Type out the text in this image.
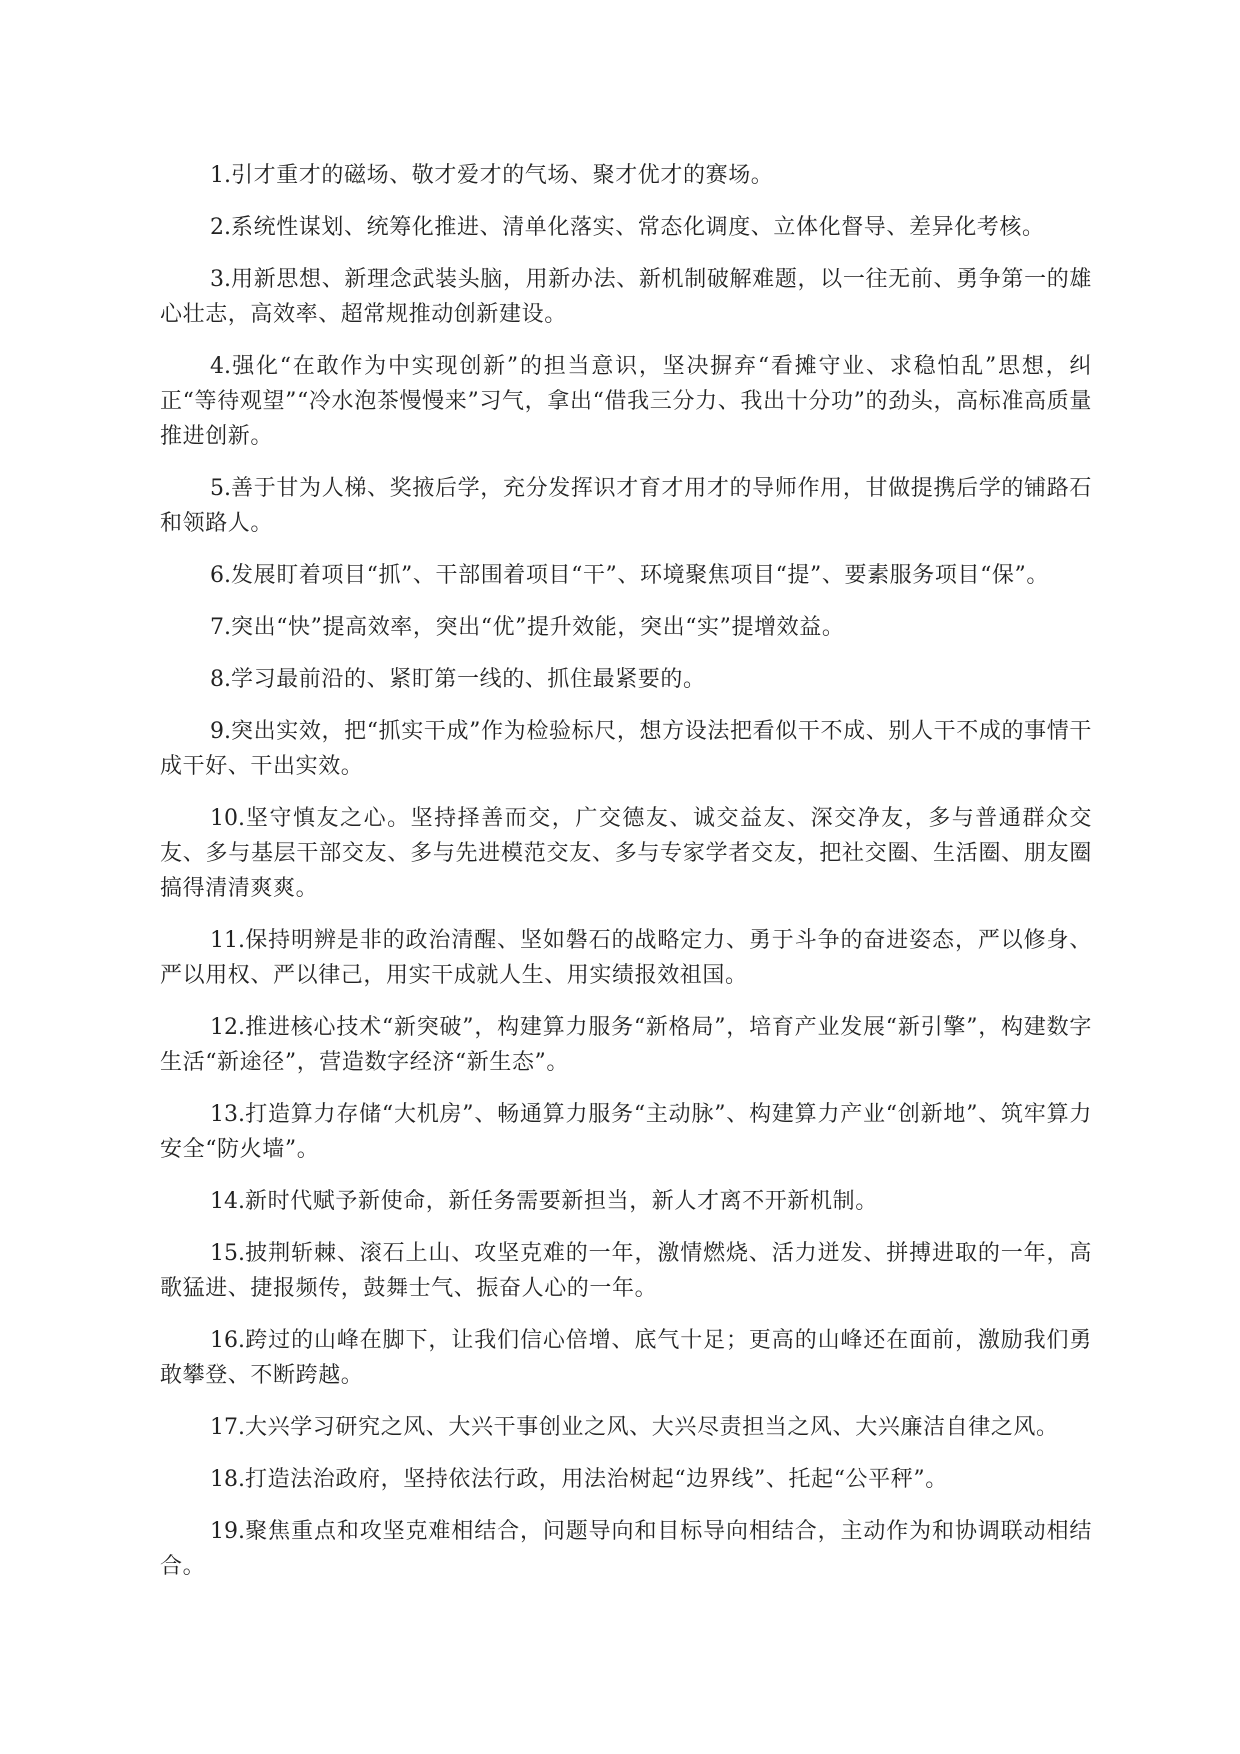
1.引才重才的磁场、敬才爱才的气场、聚才优才的赛场。

2.系统性谋划、统筹化推进、清单化落实、常态化调度、立体化督导、差异化考核。

3.用新思想、新理念武装头脑，用新办法、新机制破解难题，以一往无前、勇争第一的雄心壮志，高效率、超常规推动创新建设。

4.强化“在敢作为中实现创新”的担当意识，坚决摒弃“看摊守业、求稳怕乱”思想，纠正“等待观望”“冷水泡茶慢慢来”习气，拿出“借我三分力、我出十分功”的劲头，高标准高质量推进创新。

5.善于甘为人梯、奖掖后学，充分发挥识才育才用才的导师作用，甘做提携后学的铺路石和领路人。

6.发展盯着项目“抓”、干部围着项目“干”、环境聚焦项目“提”、要素服务项目“保”。

7.突出“快”提高效率，突出“优”提升效能，突出“实”提增效益。

8.学习最前沿的、紧盯第一线的、抓住最紧要的。

9.突出实效，把“抓实干成”作为检验标尺，想方设法把看似干不成、别人干不成的事情干成干好、干出实效。

10.坚守慎友之心。坚持择善而交，广交德友、诚交益友、深交净友，多与普通群众交友、多与基层干部交友、多与先进模范交友、多与专家学者交友，把社交圈、生活圈、朋友圈搞得清清爽爽。

11.保持明辨是非的政治清醒、坚如磐石的战略定力、勇于斗争的奋进姿态，严以修身、严以用权、严以律己，用实干成就人生、用实绩报效祖国。

12.推进核心技术“新突破”，构建算力服务“新格局”，培育产业发展“新引擎”，构建数字生活“新途径”，营造数字经济“新生态”。

13.打造算力存储“大机房”、畅通算力服务“主动脉”、构建算力产业“创新地”、筑牢算力安全“防火墙”。

14.新时代赋予新使命，新任务需要新担当，新人才离不开新机制。

15.披荆斩棘、滚石上山、攻坚克难的一年，激情燃烧、活力迸发、拼搏进取的一年，高歌猛进、捷报频传，鼓舞士气、振奋人心的一年。

16.跨过的山峰在脚下，让我们信心倍增、底气十足；更高的山峰还在面前，激励我们勇敢攀登、不断跨越。

17.大兴学习研究之风、大兴干事创业之风、大兴尽责担当之风、大兴廉洁自律之风。

18.打造法治政府，坚持依法行政，用法治树起“边界线”、托起“公平秤”。

19.聚焦重点和攻坚克难相结合，问题导向和目标导向相结合，主动作为和协调联动相结合。
